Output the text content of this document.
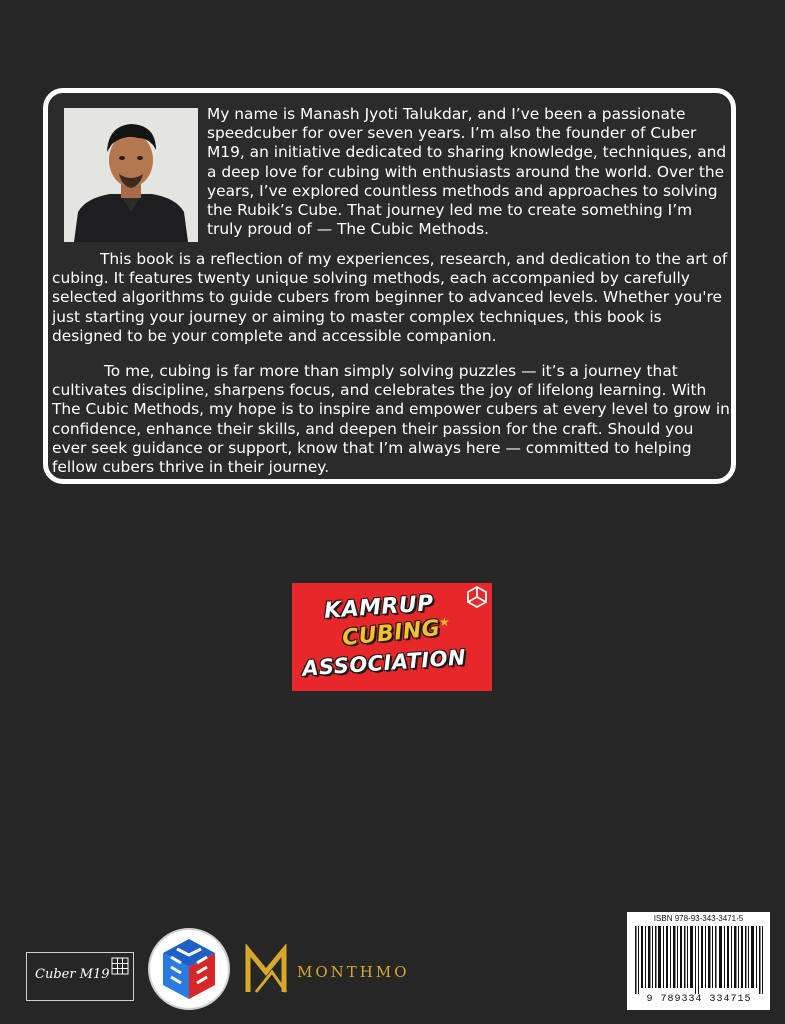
My name is Manash Jyoti Talukdar, and I’ve been a passionate speedcuber for over seven years. I’m also the founder of Cuber M19, an initiative dedicated to sharing knowledge, techniques, and a deep love for cubing with enthusiasts around the world. Over the years, I’ve explored countless methods and approaches to solving the Rubik’s Cube. That journey led me to create something I’m truly proud of — The Cubic Methods.

This book is a reflection of my experiences, research, and dedication to the art of cubing. It features twenty unique solving methods, each accompanied by carefully selected algorithms to guide cubers from beginner to advanced levels. Whether you're just starting your journey or aiming to master complex techniques, this book is designed to be your complete and accessible companion.

To me, cubing is far more than simply solving puzzles — it’s a journey that cultivates discipline, sharpens focus, and celebrates the joy of lifelong learning. With The Cubic Methods, my hope is to inspire and empower cubers at every level to grow in confidence, enhance their skills, and deepen their passion for the craft. Should you ever seek guidance or support, know that I’m always here — committed to helping fellow cubers thrive in their journey.

KAMRUP
CUBING
★
ASSOCIATION
Cuber M19	MONTHMO
ISBN 978-93-343-3471-5
9 789334 334715
